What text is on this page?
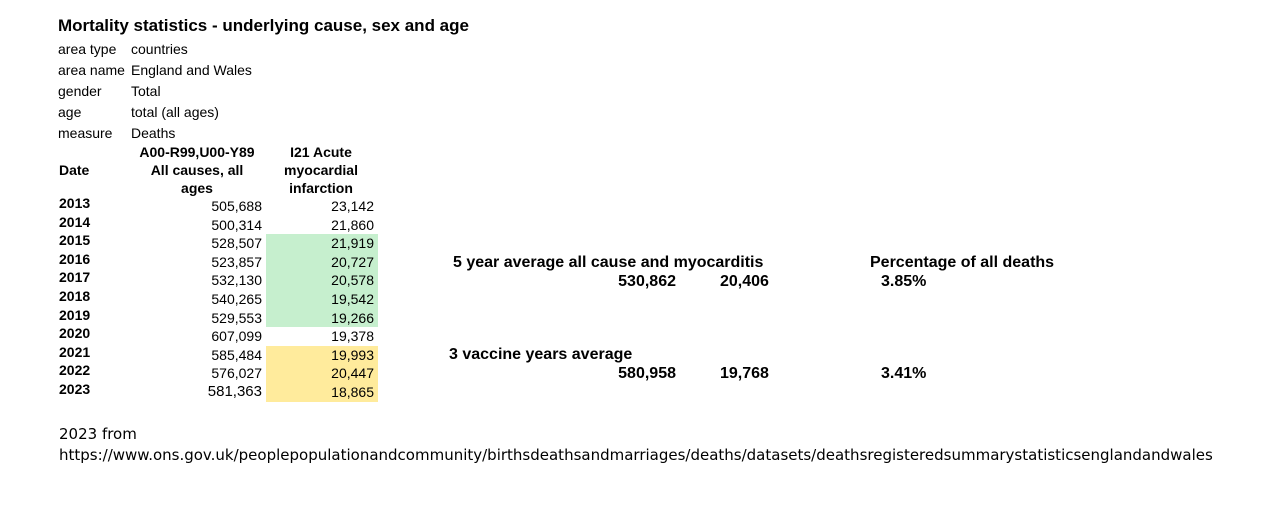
Mortality statistics - underlying cause, sex and age
area type countries
area name England and Wales
gender Total
age	total (all ages)
measure Deaths
Date
A00-R99,U00-Y89
All causes, all
ages
I21 Acute
myocardial
infarction
2013	505,688	23,142
2014	500,314	21,860
2015	528,507	21,919
2016	523,857	20,727
2017	532,130	20,578
2018	540,265	19,542
2019	529,553	19,266
2020	607,099	19,378
2021	585,484	19,993
2022	576,027	20,447
2023	581,363	18,865
5 year average all cause and myocarditis	Percentage of all deaths
530,862	20,406	3.85%
3 vaccine years average
580,958	19,768	3.41%
2023 from
https://www.ons.gov.uk/peoplepopulationandcommunity/birthsdeathsandmarriages/deaths/datasets/deathsregisteredsummarystatisticsenglandandwales
